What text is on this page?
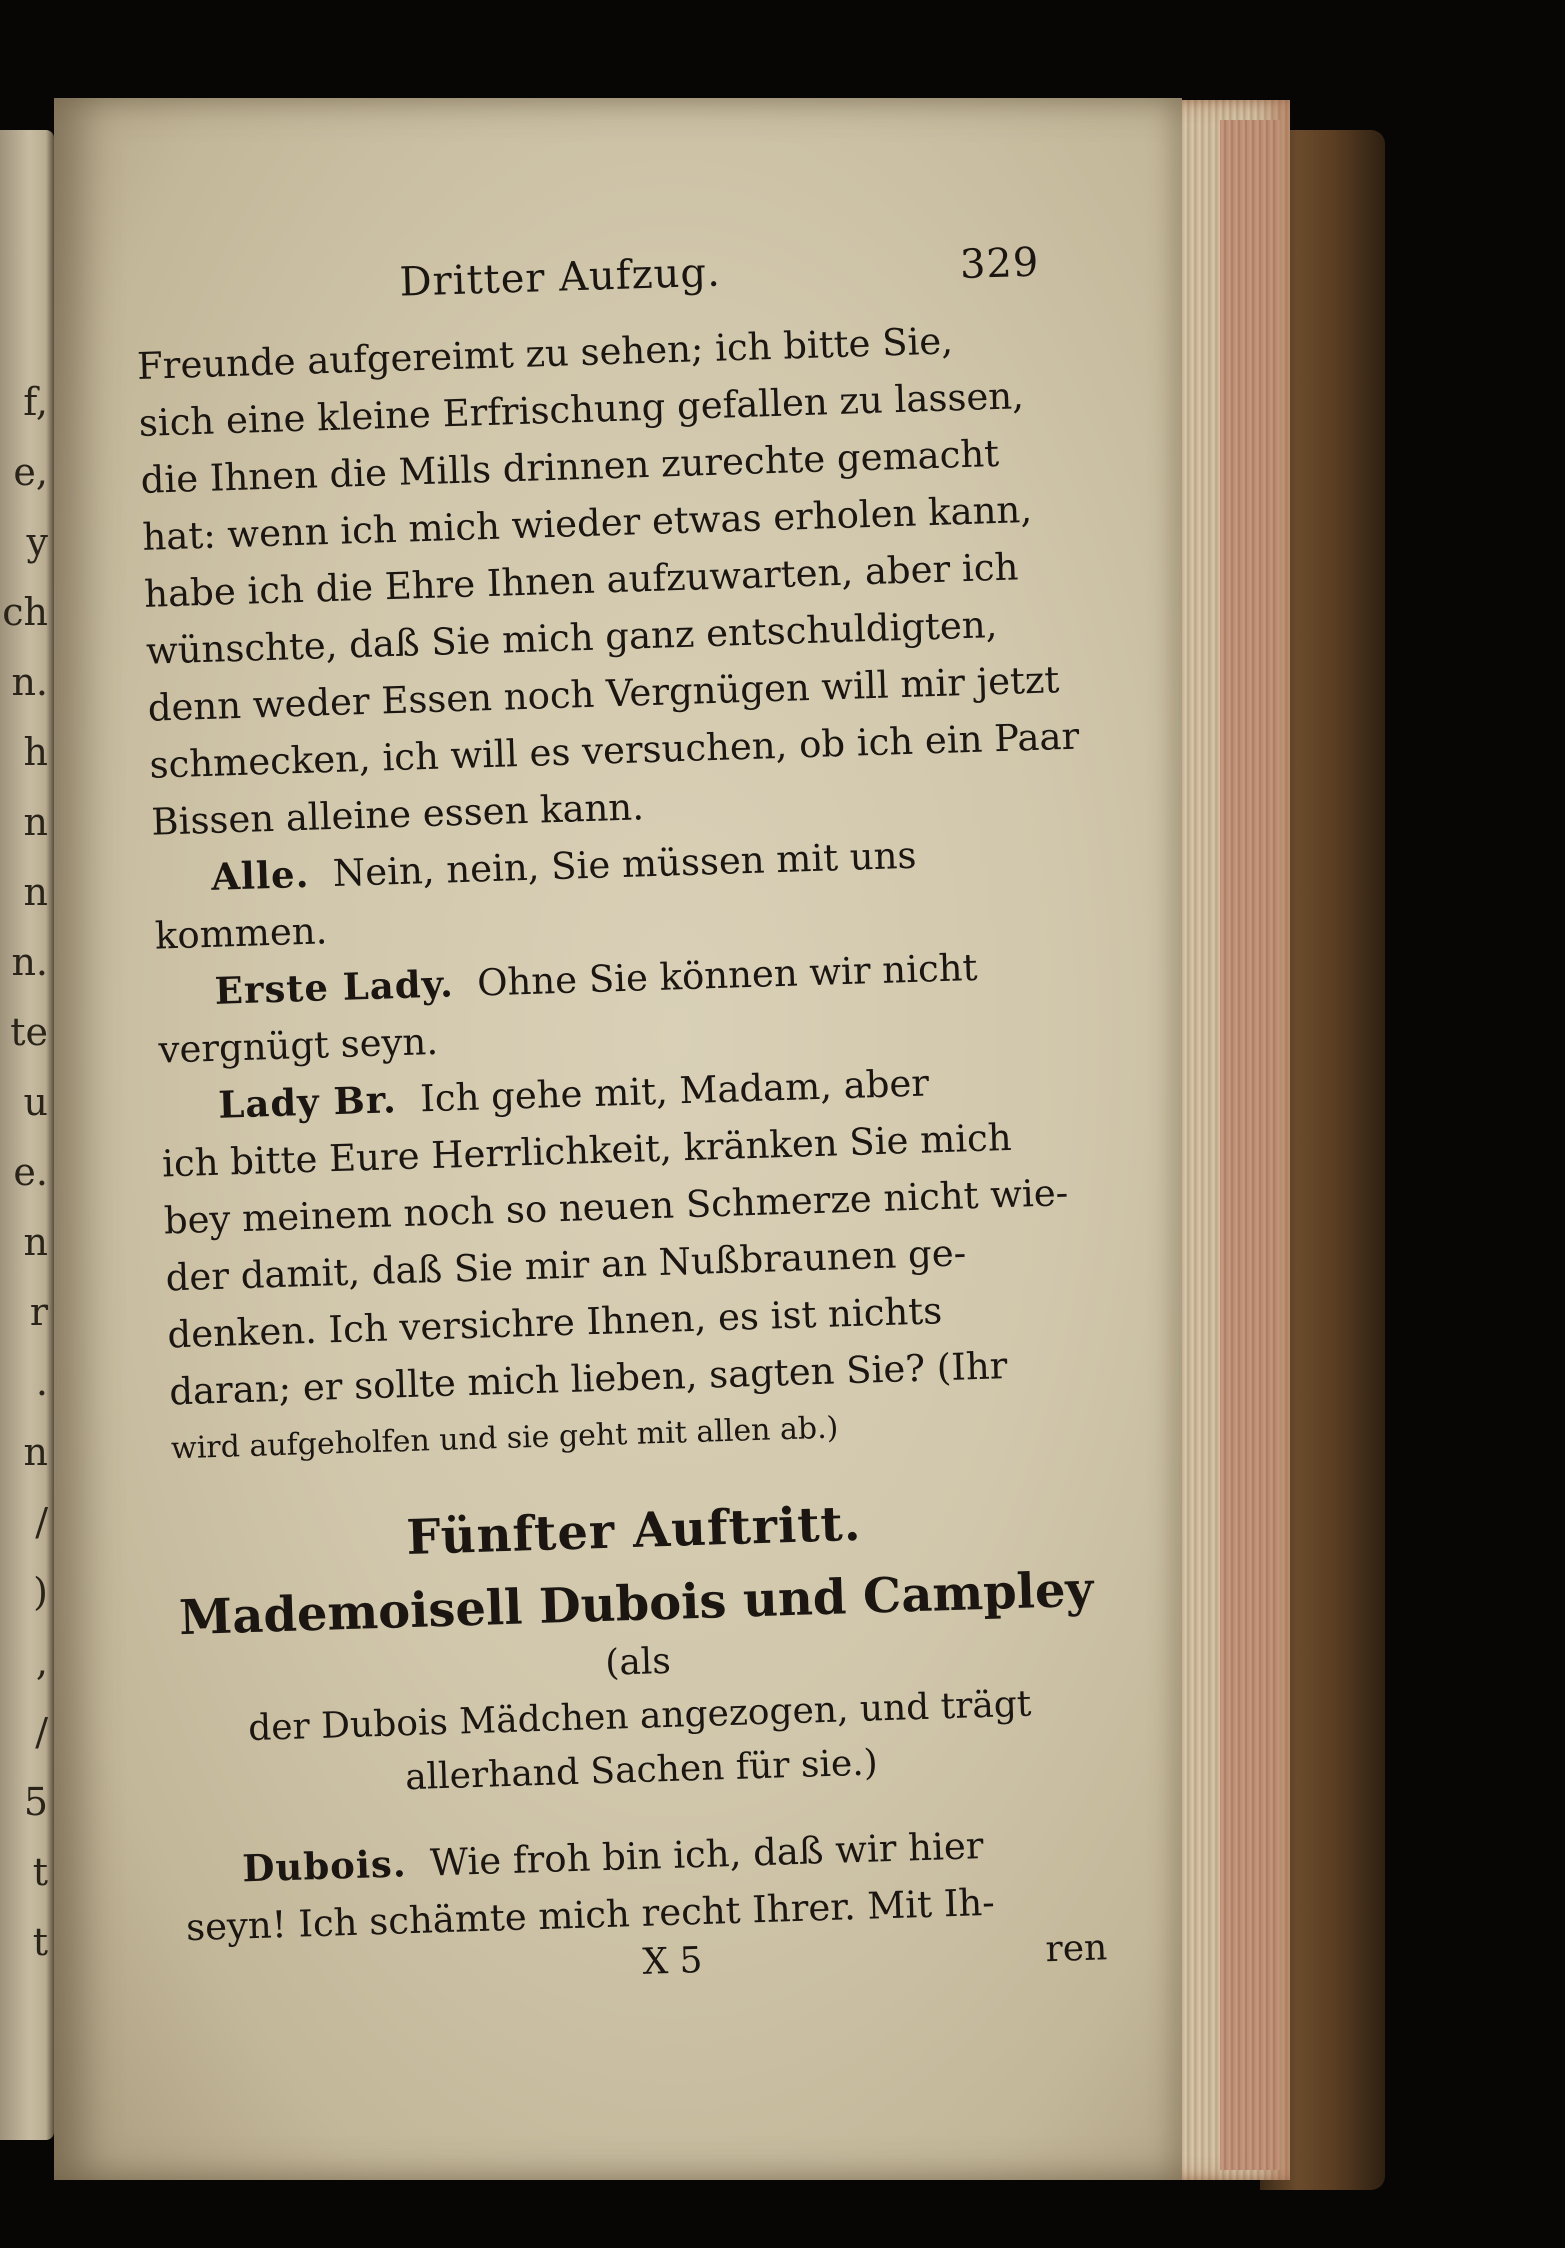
f,
e,
y
ch
n.
h
n
n
n.
te
u
e.
n
r
.
n
/
)
,
/
5
t
t
Dritter Aufzug.	329

Freunde aufgereimt zu sehen; ich bitte Sie,
sich eine kleine Erfrischung gefallen zu lassen,
die Ihnen die Mills drinnen zurechte gemacht
hat: wenn ich mich wieder etwas erholen kann,
habe ich die Ehre Ihnen aufzuwarten, aber ich
wünschte, daß Sie mich ganz entschuldigten,
denn weder Essen noch Vergnügen will mir jetzt
schmecken, ich will es versuchen, ob ich ein Paar
Bissen alleine essen kann.

Alle. Nein, nein, Sie müssen mit uns
kommen.

Erste Lady. Ohne Sie können wir nicht
vergnügt seyn.

Lady Br. Ich gehe mit, Madam, aber
ich bitte Eure Herrlichkeit, kränken Sie mich
bey meinem noch so neuen Schmerze nicht wie-
der damit, daß Sie mir an Nußbraunen ge-
denken. Ich versichre Ihnen, es ist nichts
daran; er sollte mich lieben, sagten Sie? (Ihr
wird aufgeholfen und sie geht mit allen ab.)

Fünfter Auftritt.
Mademoisell Dubois und Campley (als
der Dubois Mädchen angezogen, und trägt
allerhand Sachen für sie.)

Dubois. Wie froh bin ich, daß wir hier
seyn! Ich schämte mich recht Ihrer. Mit Ih-

X 5	ren
